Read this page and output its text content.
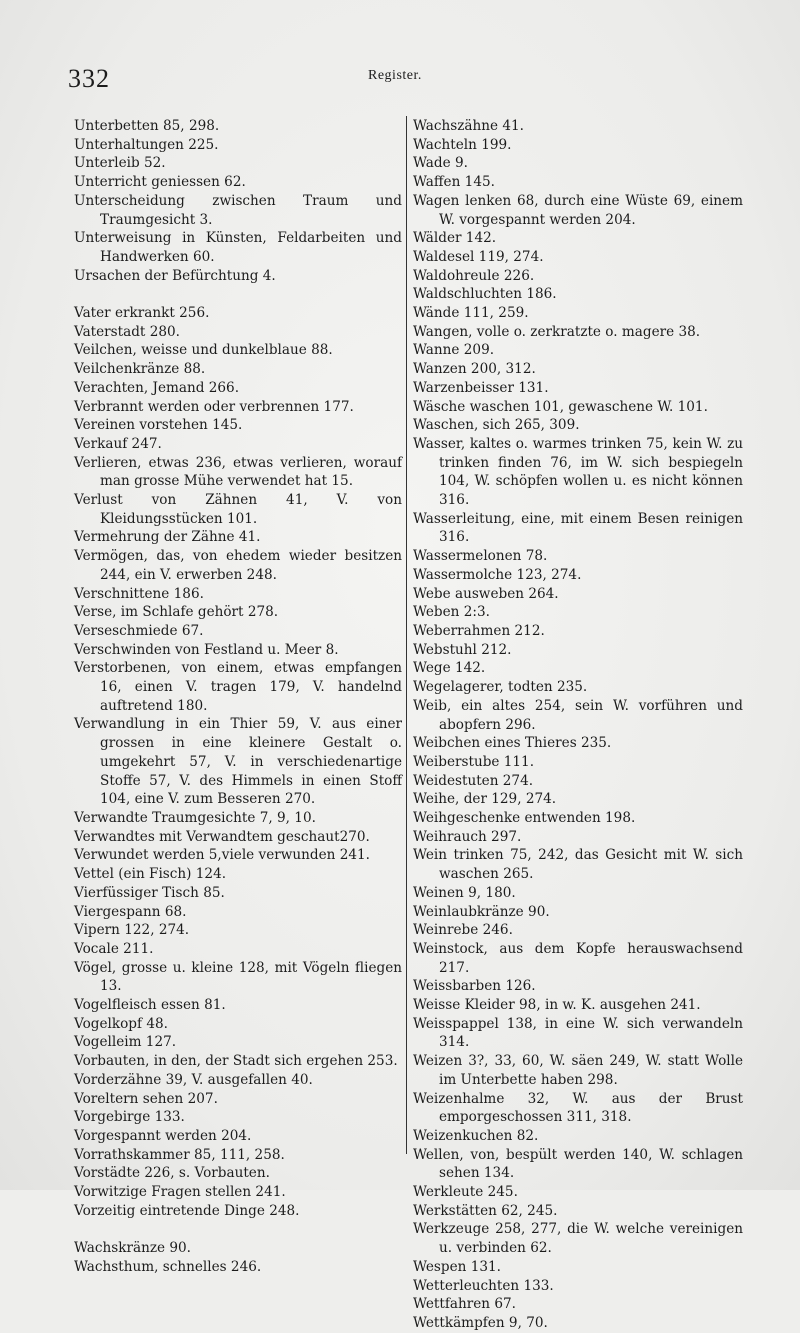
332	Register.

Unterbetten 85, 298.

Unterhaltungen 225.

Unterleib 52.

Unterricht geniessen 62.

Unterscheidung zwischen Traum und Traumgesicht 3.

Unterweisung in Künsten, Feldarbeiten und Handwerken 60.

Ursachen der Befürchtung 4.

Vater erkrankt 256.

Vaterstadt 280.

Veilchen, weisse und dunkelblaue 88.

Veilchenkränze 88.

Verachten, Jemand 266.

Verbrannt werden oder verbrennen 177.

Vereinen vorstehen 145.

Verkauf 247.

Verlieren, etwas 236, etwas verlieren, worauf man grosse Mühe verwendet hat 15.

Verlust von Zähnen 41, V. von Kleidungsstücken 101.

Vermehrung der Zähne 41.

Vermögen, das, von ehedem wieder besitzen 244, ein V. erwerben 248.

Verschnittene 186.

Verse, im Schlafe gehört 278.

Verseschmiede 67.

Verschwinden von Festland u. Meer 8.

Verstorbenen, von einem, etwas empfangen 16, einen V. tragen 179, V. handelnd auftretend 180.

Verwandlung in ein Thier 59, V. aus einer grossen in eine kleinere Gestalt o. umgekehrt 57, V. in verschiedenartige Stoffe 57, V. des Himmels in einen Stoff 104, eine V. zum Besseren 270.

Verwandte Traumgesichte 7, 9, 10.

Verwandtes mit Verwandtem geschaut270.

Verwundet werden 5,viele verwunden 241.

Vettel (ein Fisch) 124.

Vierfüssiger Tisch 85.

Viergespann 68.

Vipern 122, 274.

Vocale 211.

Vögel, grosse u. kleine 128, mit Vögeln fliegen 13.

Vogelfleisch essen 81.

Vogelkopf 48.

Vogelleim 127.

Vorbauten, in den, der Stadt sich ergehen 253.

Vorderzähne 39, V. ausgefallen 40.

Voreltern sehen 207.

Vorgebirge 133.

Vorgespannt werden 204.

Vorrathskammer 85, 111, 258.

Vorstädte 226, s. Vorbauten.

Vorwitzige Fragen stellen 241.

Vorzeitig eintretende Dinge 248.

Wachskränze 90.

Wachsthum, schnelles 246.

Wachszähne 41.

Wachteln 199.

Wade 9.

Waffen 145.

Wagen lenken 68, durch eine Wüste 69, einem W. vorgespannt werden 204.

Wälder 142.

Waldesel 119, 274.

Waldohreule 226.

Waldschluchten 186.

Wände 111, 259.

Wangen, volle o. zerkratzte o. magere 38.

Wanne 209.

Wanzen 200, 312.

Warzenbeisser 131.

Wäsche waschen 101, gewaschene W. 101.

Waschen, sich 265, 309.

Wasser, kaltes o. warmes trinken 75, kein W. zu trinken finden 76, im W. sich bespiegeln 104, W. schöpfen wollen u. es nicht können 316.

Wasserleitung, eine, mit einem Besen reinigen 316.

Wassermelonen 78.

Wassermolche 123, 274.

Webe ausweben 264.

Weben 2:3.

Weberrahmen 212.

Webstuhl 212.

Wege 142.

Wegelagerer, todten 235.

Weib, ein altes 254, sein W. vorführen und abopfern 296.

Weibchen eines Thieres 235.

Weiberstube 111.

Weidestuten 274.

Weihe, der 129, 274.

Weihgeschenke entwenden 198.

Weihrauch 297.

Wein trinken 75, 242, das Gesicht mit W. sich waschen 265.

Weinen 9, 180.

Weinlaubkränze 90.

Weinrebe 246.

Weinstock, aus dem Kopfe herauswachsend 217.

Weissbarben 126.

Weisse Kleider 98, in w. K. ausgehen 241.

Weisspappel 138, in eine W. sich verwandeln 314.

Weizen 3?, 33, 60, W. säen 249, W. statt Wolle im Unterbette haben 298.

Weizenhalme 32, W. aus der Brust emporgeschossen 311, 318.

Weizenkuchen 82.

Wellen, von, bespült werden 140, W. schlagen sehen 134.

Werkleute 245.

Werkstätten 62, 245.

Werkzeuge 258, 277, die W. welche vereinigen u. verbinden 62.

Wespen 131.

Wetterleuchten 133.

Wettfahren 67.

Wettkämpfen 9, 70.
